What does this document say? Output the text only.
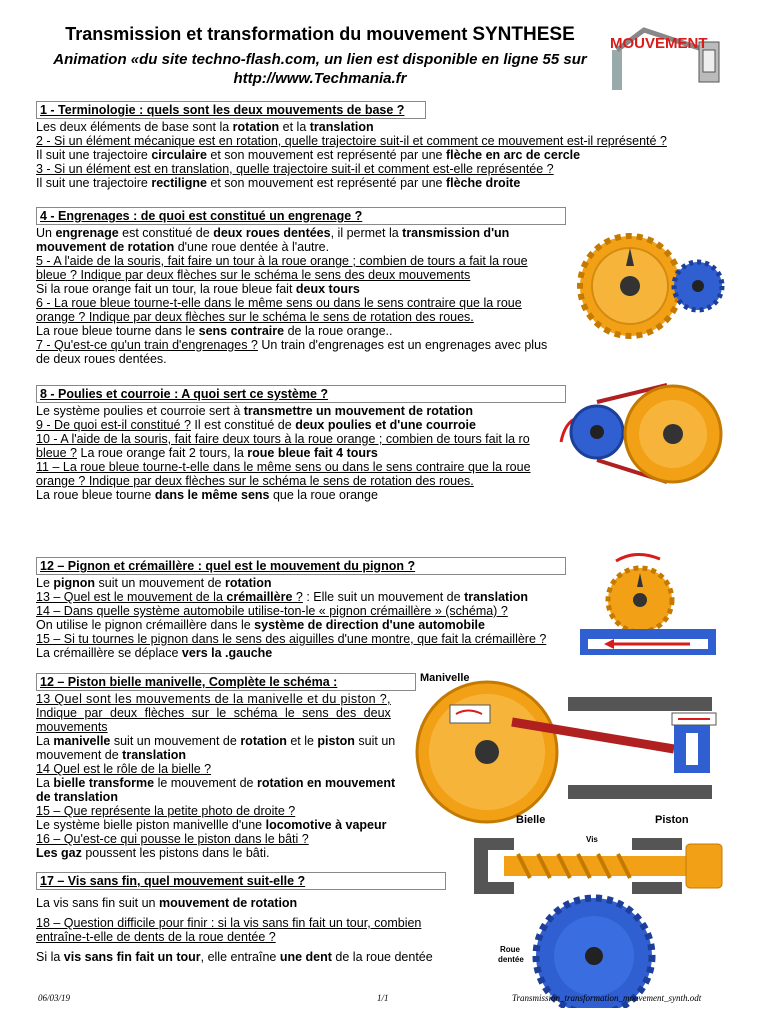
Transmission et transformation du mouvement SYNTHESE
Animation «du site techno-flash.com, un lien est disponible en ligne 55 sur
http://www.Techmania.fr
MOUVEMENT
1 - Terminologie : quels sont les deux mouvements de base ?
Les deux éléments de base sont la rotation et la translation
2 - Si un élément mécanique est en rotation, quelle trajectoire suit-il et comment ce mouvement est-il représenté ?
Il suit une trajectoire circulaire et son mouvement est représenté par une flèche en arc de cercle
3 - Si un élément est en translation, quelle trajectoire suit-il et comment est-elle représentée ?
Il suit une trajectoire rectiligne et son mouvement est représenté par une flèche droite
4 - Engrenages : de quoi est constitué un engrenage ?
Un engrenage est constitué de deux roues dentées, il permet la transmission d'un
mouvement de rotation d'une roue dentée à l'autre.
5 - A l'aide de la souris, fait faire un tour à la roue orange ; combien de tours a fait la roue
bleue ? Indique par deux flèches sur le schéma le sens des deux mouvements
Si la roue orange fait un tour, la roue bleue fait deux tours
6 - La roue bleue tourne-t-elle dans le même sens ou dans le sens contraire que la roue
orange ? Indique par deux flèches sur le schéma le sens de rotation des roues.
La roue bleue tourne dans le sens contraire de la roue orange..
7 - Qu'est-ce qu'un train d'engrenages ? Un train d'engrenages est un engrenages avec plus
de deux roues dentées.
8 - Poulies et courroie : A quoi sert ce système ?
Le système poulies et courroie sert à transmettre un mouvement de rotation
9 - De quoi est-il constitué ? Il est constitué de deux poulies et d'une courroie
10 - A l'aide de la souris, fait faire deux tours à la roue orange ; combien de tours fait la ro
bleue ? La roue orange fait 2 tours, la roue bleue fait 4 tours
11 – La roue bleue tourne-t-elle dans le même sens ou dans le sens contraire que la roue
orange ? Indique par deux flèches sur le schéma le sens de rotation des roues.
La roue bleue tourne dans le même sens que la roue orange
12 – Pignon et crémaillère : quel est le mouvement du pignon ?
Le pignon suit un mouvement de rotation
13 – Quel est le mouvement de la crémaillère ? : Elle suit un mouvement de translation
14 – Dans quelle système automobile utilise-ton-le « pignon crémaillère » (schéma) ?
On utilise le pignon crémaillère dans le système de direction d'une automobile
15 – Si tu tournes le pignon dans le sens des aiguilles d'une montre, que fait la crémaillère ?
La crémaillère se déplace vers la .gauche
12 – Piston bielle manivelle, Complète le schéma :
13 Quel sont les mouvements de la manivelle et du piston ?,
Indique par deux flèches sur le schéma le sens des deux
mouvements
La manivelle suit un mouvement de rotation et le piston suit un
mouvement de translation
14 Quel est le rôle de la bielle ?
La bielle transforme le mouvement de rotation en mouvement
de translation
15 – Que représente la petite photo de droite ?
Le système bielle piston manivellle d'une locomotive à vapeur
16 – Qu'est-ce qui pousse le piston dans le bâti ?
Les gaz poussent les pistons dans le bâti.
17 – Vis sans fin, quel mouvement suit-elle ?
La vis sans fin suit un mouvement de rotation
18 – Question difficile pour finir : si la vis sans fin fait un tour, combien
entraîne-t-elle de dents de la roue dentée ?
Si la vis sans fin fait un tour, elle entraîne une dent de la roue dentée
Manivelle
Bielle	Piston
Vis
Roue
dentée
06/03/19	1/1	Transmission_transformation_mouvement_synth.odt
